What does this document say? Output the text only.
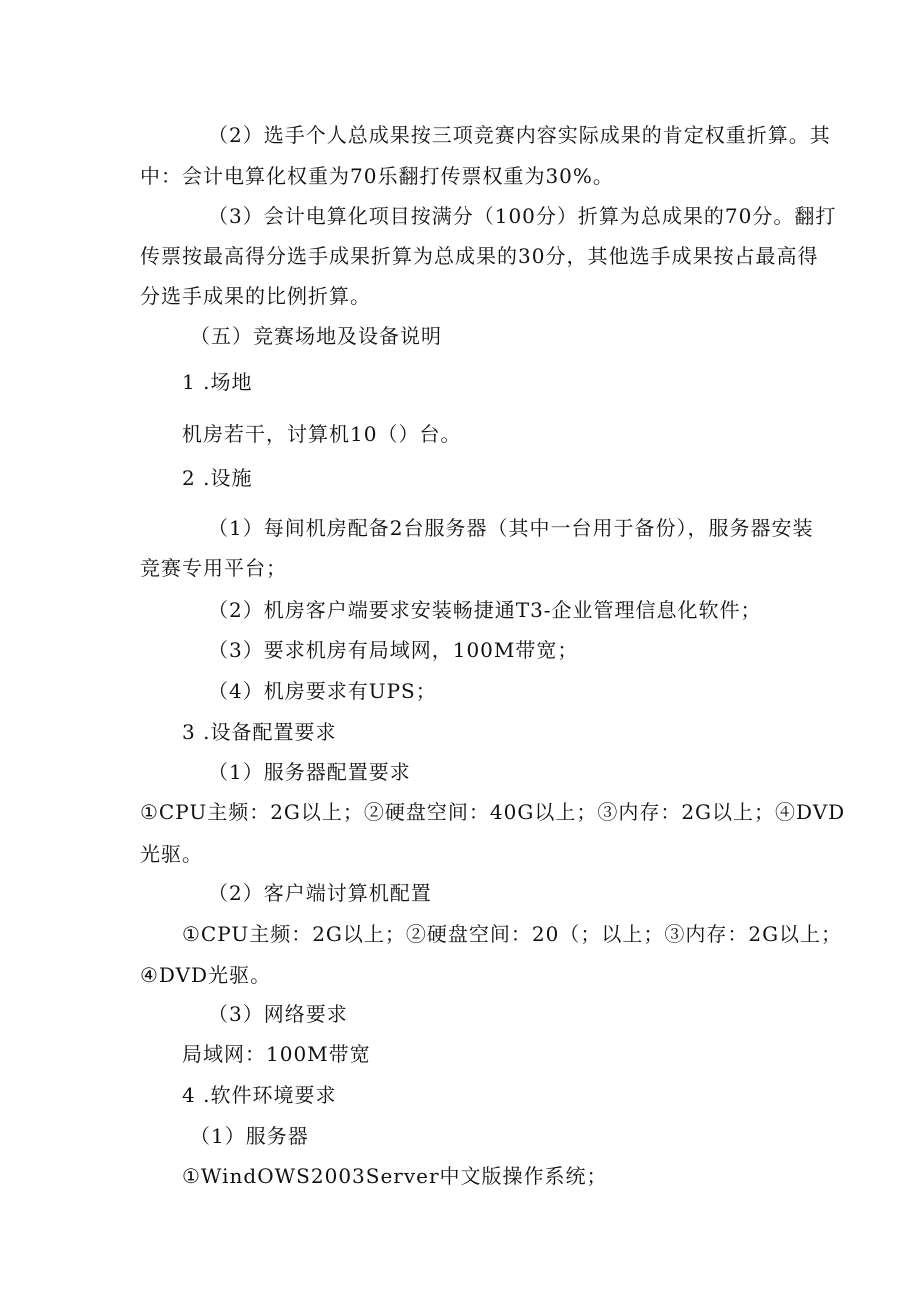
（2）选手个人总成果按三项竞赛内容实际成果的肯定权重折算。其
中：会计电算化权重为70乐翻打传票权重为30%。
（3）会计电算化项目按满分（100分）折算为总成果的70分。翻打
传票按最高得分选手成果折算为总成果的30分，其他选手成果按占最高得
分选手成果的比例折算。
（五）竞赛场地及设备说明
1 .场地
机房若干，讨算机10（）台。
2 .设施
（1）每间机房配备2台服务器（其中一台用于备份），服务器安装
竞赛专用平台；
（2）机房客户端要求安装畅捷通T3-企业管理信息化软件；
（3）要求机房有局域网，100M带宽；
（4）机房要求有UPS；
3 .设备配置要求
（1）服务器配置要求
①CPU主频：2G以上；②硬盘空间：40G以上；③内存：2G以上；④DVD
光驱。
（2）客户端讨算机配置
①CPU主频：2G以上；②硬盘空间：20（；以上；③内存：2G以上；
④DVD光驱。
（3）网络要求
局域网：100M带宽
4 .软件环境要求
（1）服务器
①WindOWS2003Server中文版操作系统；
